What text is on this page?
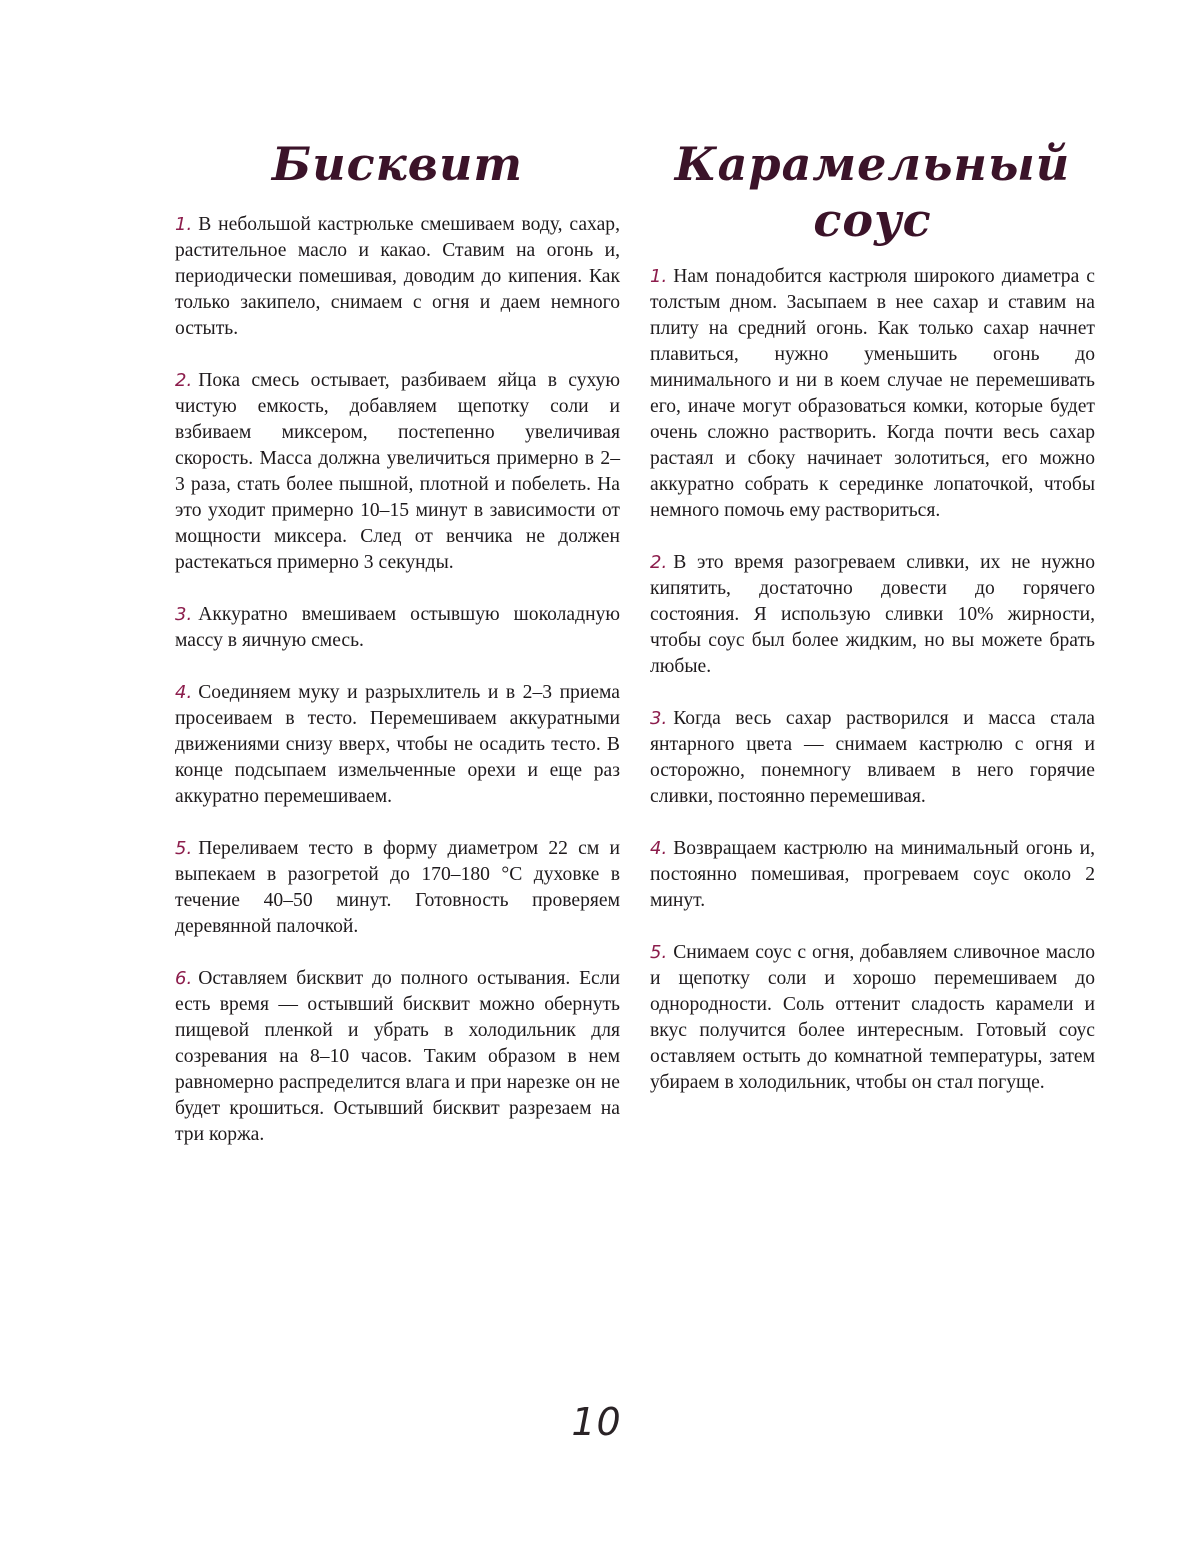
Бисквит

1. В небольшой кастрюльке смешиваем воду, сахар, растительное масло и какао. Ставим на огонь и, периодически помешивая, доводим до кипения. Как только закипело, снимаем с огня и даем немного остыть.

2. Пока смесь остывает, разбиваем яйца в сухую чистую емкость, добавляем щепотку соли и взбиваем миксером, постепенно увеличивая скорость. Масса должна увеличиться примерно в 2–3 раза, стать более пышной, плотной и побелеть. На это уходит примерно 10–15 минут в зависимости от мощности миксера. След от венчика не должен растекаться примерно 3 секунды.

3. Аккуратно вмешиваем остывшую шоколадную массу в яичную смесь.

4. Соединяем муку и разрыхлитель и в 2–3 приема просеиваем в тесто. Перемешиваем аккуратными движениями снизу вверх, чтобы не осадить тесто. В конце подсыпаем измельченные орехи и еще раз аккуратно перемешиваем.

5. Переливаем тесто в форму диаметром 22 см и выпекаем в разогретой до 170–180 °С духовке в течение 40–50 минут. Готовность проверяем деревянной палочкой.

6. Оставляем бисквит до полного остывания. Если есть время — остывший бисквит можно обернуть пищевой пленкой и убрать в холодильник для созревания на 8–10 часов. Таким образом в нем равномерно распределится влага и при нарезке он не будет крошиться. Остывший бисквит разрезаем на три коржа.

Карамельный
соус

1. Нам понадобится кастрюля широкого диаметра с толстым дном. Засыпаем в нее сахар и ставим на плиту на средний огонь. Как только сахар начнет плавиться, нужно уменьшить огонь до минимального и ни в коем случае не перемешивать его, иначе могут образоваться комки, которые будет очень сложно растворить. Когда почти весь сахар растаял и сбоку начинает золотиться, его можно аккуратно собрать к серединке лопаточкой, чтобы немного помочь ему раствориться.

2. В это время разогреваем сливки, их не нужно кипятить, достаточно довести до горячего состояния. Я использую сливки 10% жирности, чтобы соус был более жидким, но вы можете брать любые.

3. Когда весь сахар растворился и масса стала янтарного цвета — снимаем кастрюлю с огня и осторожно, понемногу вливаем в него горячие сливки, постоянно перемешивая.

4. Возвращаем кастрюлю на минимальный огонь и, постоянно помешивая, прогреваем соус около 2 минут.

5. Снимаем соус с огня, добавляем сливочное масло и щепотку соли и хорошо перемешиваем до однородности. Соль оттенит сладость карамели и вкус получится более интересным. Готовый соус оставляем остыть до комнатной температуры, затем убираем в холодильник, чтобы он стал погуще.

10
